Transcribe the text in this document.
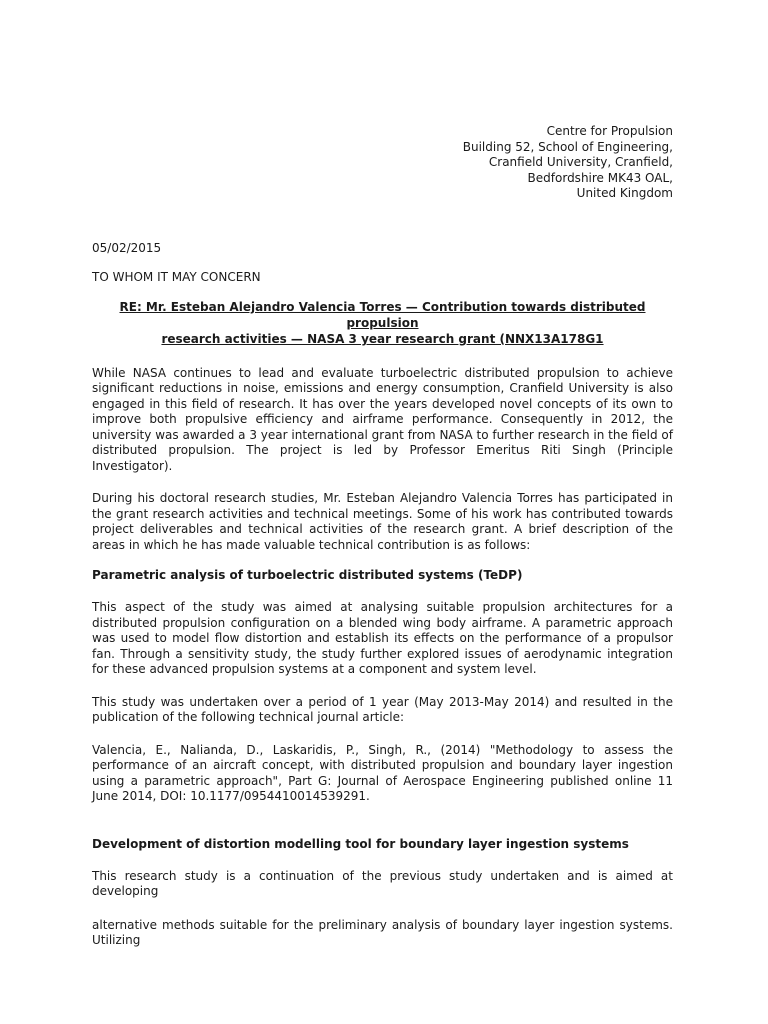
Centre for Propulsion
Building 52, School of Engineering,
Cranfield University, Cranfield,
Bedfordshire MK43 OAL,
United Kingdom
05/02/2015
TO WHOM IT MAY CONCERN
RE: Mr. Esteban Alejandro Valencia Torres — Contribution towards distributed propulsion
research activities — NASA 3 year research grant (NNX13A178G1

While NASA continues to lead and evaluate turboelectric distributed propulsion to achieve significant reductions in noise, emissions and energy consumption, Cranfield University is also engaged in this field of research. It has over the years developed novel concepts of its own to improve both propulsive efficiency and airframe performance. Consequently in 2012, the university was awarded a 3 year international grant from NASA to further research in the field of distributed propulsion. The project is led by Professor Emeritus Riti Singh (Principle Investigator).

During his doctoral research studies, Mr. Esteban Alejandro Valencia Torres has participated in the grant research activities and technical meetings. Some of his work has contributed towards project deliverables and technical activities of the research grant. A brief description of the areas in which he has made valuable technical contribution is as follows:

Parametric analysis of turboelectric distributed systems (TeDP)

This aspect of the study was aimed at analysing suitable propulsion architectures for a distributed propulsion configuration on a blended wing body airframe. A parametric approach was used to model flow distortion and establish its effects on the performance of a propulsor fan. Through a sensitivity study, the study further explored issues of aerodynamic integration for these advanced propulsion systems at a component and system level.

This study was undertaken over a period of 1 year (May 2013-May 2014) and resulted in the publication of the following technical journal article:

Valencia, E., Nalianda, D., Laskaridis, P., Singh, R., (2014) "Methodology to assess the performance of an aircraft concept, with distributed propulsion and boundary layer ingestion using a parametric approach", Part G: Journal of Aerospace Engineering published online 11 June 2014, DOI: 10.1177/0954410014539291.

Development of distortion modelling tool for boundary layer ingestion systems

This research study is a continuation of the previous study undertaken and is aimed at developing

alternative methods suitable for the preliminary analysis of boundary layer ingestion systems. Utilizing
